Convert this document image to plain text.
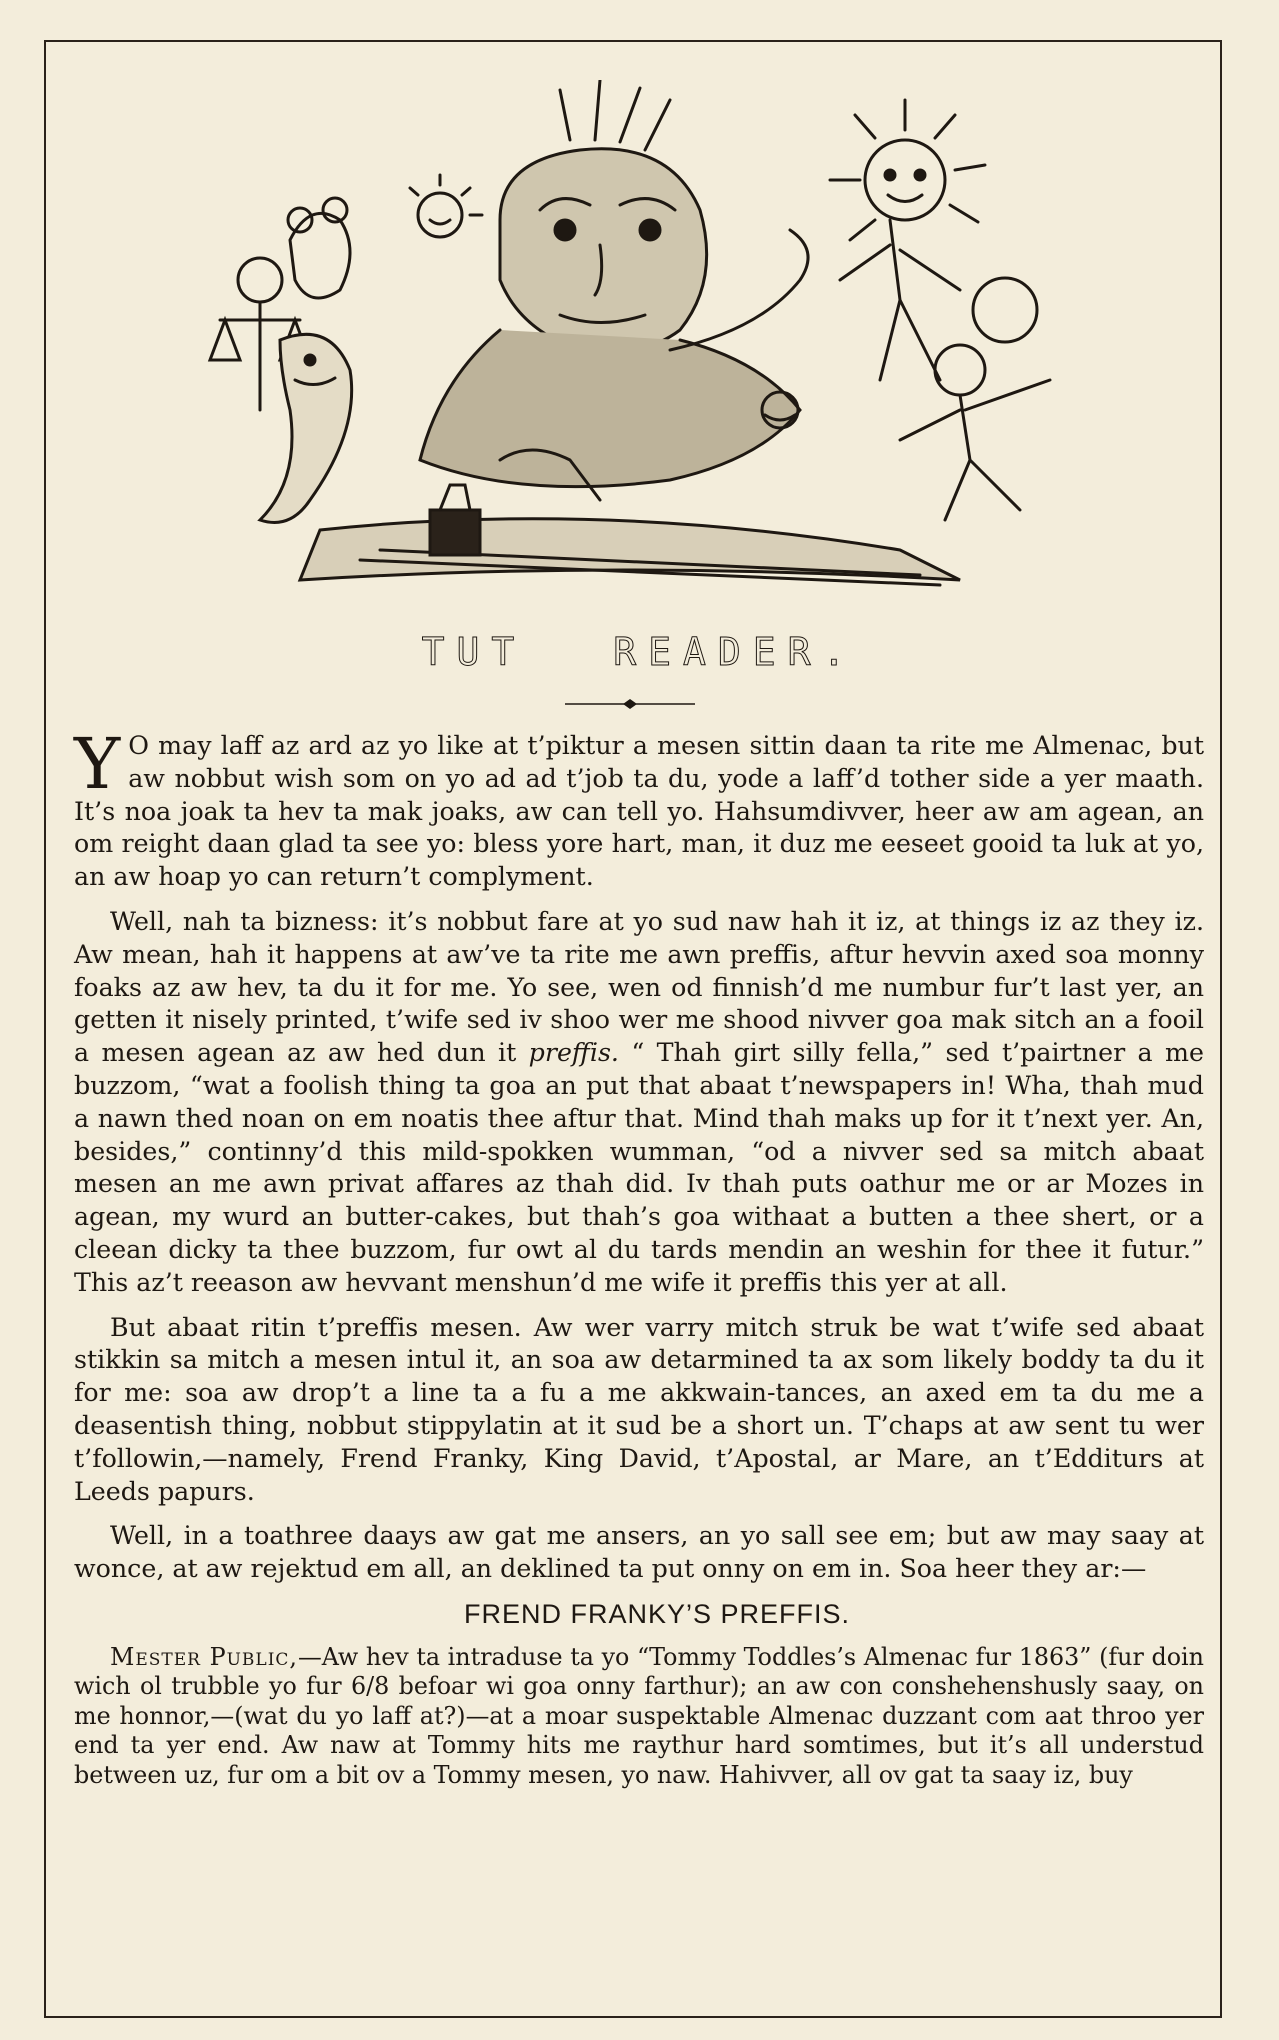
TUT READER.

Y O may laff az ard az yo like at t’piktur a mesen sittin daan ta rite me Almenac, but aw nobbut wish som on yo ad ad t’job ta du, yode a laff’d tother side a yer maath. It’s noa joak ta hev ta mak joaks, aw can tell yo. Hahsumdivver, heer aw am agean, an om reight daan glad ta see yo: bless yore hart, man, it duz me eeseet gooid ta luk at yo, an aw hoap yo can return’t complyment.

Well, nah ta bizness: it’s nobbut fare at yo sud naw hah it iz, at things iz az they iz. Aw mean, hah it happens at aw’ve ta rite me awn preffis, aftur hevvin axed soa monny foaks az aw hev, ta du it for me. Yo see, wen od finnish’d me numbur fur’t last yer, an getten it nisely printed, t’wife sed iv shoo wer me shood nivver goa mak sitch an a fooil a mesen agean az aw hed dun it preffis. “ Thah girt silly fella,” sed t’pairtner a me buzzom, “wat a foolish thing ta goa an put that abaat t’newspapers in! Wha, thah mud a nawn thed noan on em noatis thee aftur that. Mind thah maks up for it t’next yer. An, besides,” continny’d this mild-spokken wumman, “od a nivver sed sa mitch abaat mesen an me awn privat affares az thah did. Iv thah puts oathur me or ar Mozes in agean, my wurd an butter-cakes, but thah’s goa withaat a butten a thee shert, or a cleean dicky ta thee buzzom, fur owt al du tards mendin an weshin for thee it futur.” This az’t reeason aw hevvant menshun’d me wife it preffis this yer at all.

But abaat ritin t’preffis mesen. Aw wer varry mitch struk be wat t’wife sed abaat stikkin sa mitch a mesen intul it, an soa aw detarmined ta ax som likely boddy ta du it for me: soa aw drop’t a line ta a fu a me akkwain-tances, an axed em ta du me a deasentish thing, nobbut stippylatin at it sud be a short un. T’chaps at aw sent tu wer t’followin,—namely, Frend Franky, King David, t’Apostal, ar Mare, an t’Edditurs at Leeds papurs.

Well, in a toathree daays aw gat me ansers, an yo sall see em; but aw may saay at wonce, at aw rejektud em all, an deklined ta put onny on em in. Soa heer they ar:—

FREND FRANKY’S PREFFIS.

Mester Public,—Aw hev ta intraduse ta yo “Tommy Toddles’s Almenac fur 1863” (fur doin wich ol trubble yo fur 6/8 befoar wi goa onny farthur); an aw con conshehenshusly saay, on me honnor,—(wat du yo laff at?)—at a moar suspektable Almenac duzzant com aat throo yer end ta yer end. Aw naw at Tommy hits me raythur hard somtimes, but it’s all understud between uz, fur om a bit ov a Tommy mesen, yo naw. Hahivver, all ov gat ta saay iz, buy
